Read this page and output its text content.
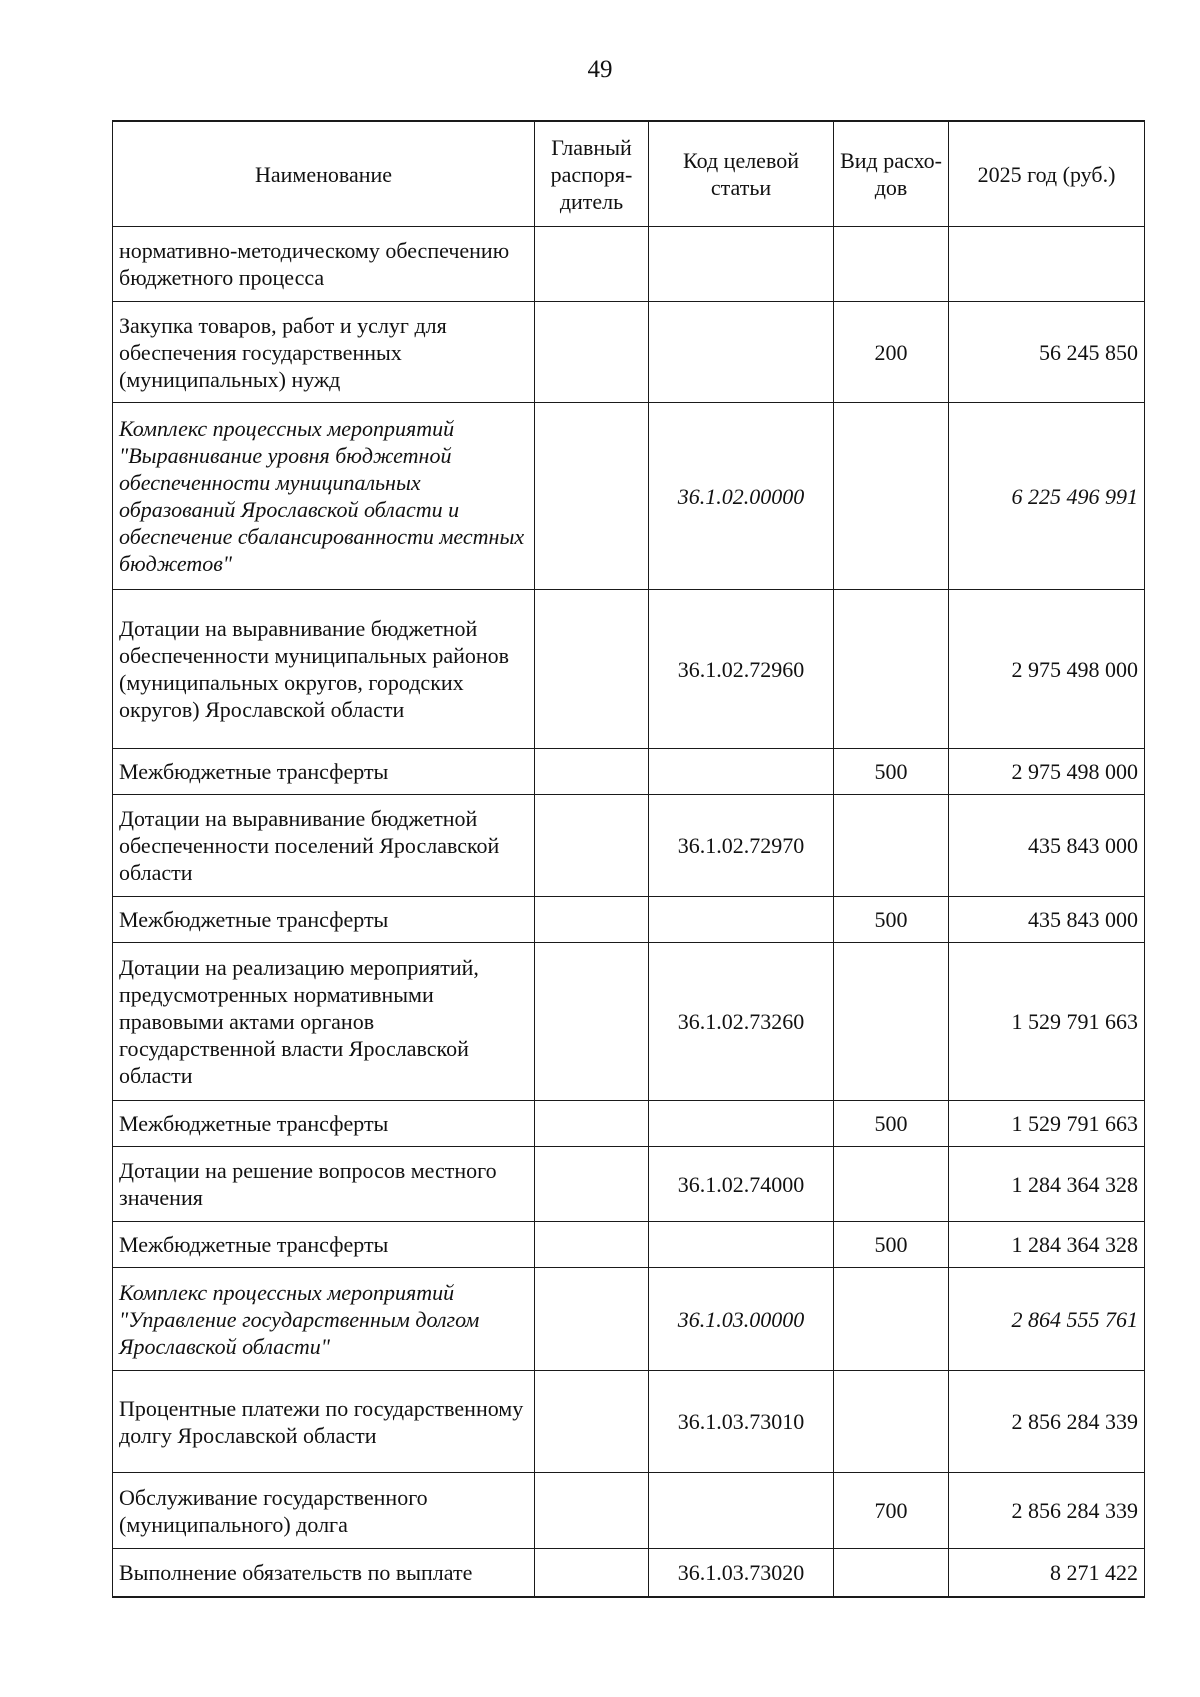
49
Наименование	Главный распоря-дитель	Код целевой статьи	Вид расхо-дов	2025 год (руб.)
нормативно-методическому обеспечению бюджетного процесса				
Закупка товаров, работ и услуг для обеспечения государственных (муниципальных) нужд			200	56 245 850
Комплекс процессных мероприятий "Выравнивание уровня бюджетной обеспеченности муниципальных образований Ярославской области и обеспечение сбалансированности местных бюджетов"		36.1.02.00000		6 225 496 991
Дотации на выравнивание бюджетной обеспеченности муниципальных районов (муниципальных округов, городских округов) Ярославской области		36.1.02.72960		2 975 498 000
Межбюджетные трансферты			500	2 975 498 000
Дотации на выравнивание бюджетной обеспеченности поселений Ярославской области		36.1.02.72970		435 843 000
Межбюджетные трансферты			500	435 843 000
Дотации на реализацию мероприятий, предусмотренных нормативными правовыми актами органов государственной власти Ярославской области		36.1.02.73260		1 529 791 663
Межбюджетные трансферты			500	1 529 791 663
Дотации на решение вопросов местного значения		36.1.02.74000		1 284 364 328
Межбюджетные трансферты			500	1 284 364 328
Комплекс процессных мероприятий "Управление государственным долгом Ярославской области"		36.1.03.00000		2 864 555 761
Процентные платежи по государственному долгу Ярославской области		36.1.03.73010		2 856 284 339
Обслуживание государственного (муниципального) долга			700	2 856 284 339
Выполнение обязательств по выплате		36.1.03.73020		8 271 422
